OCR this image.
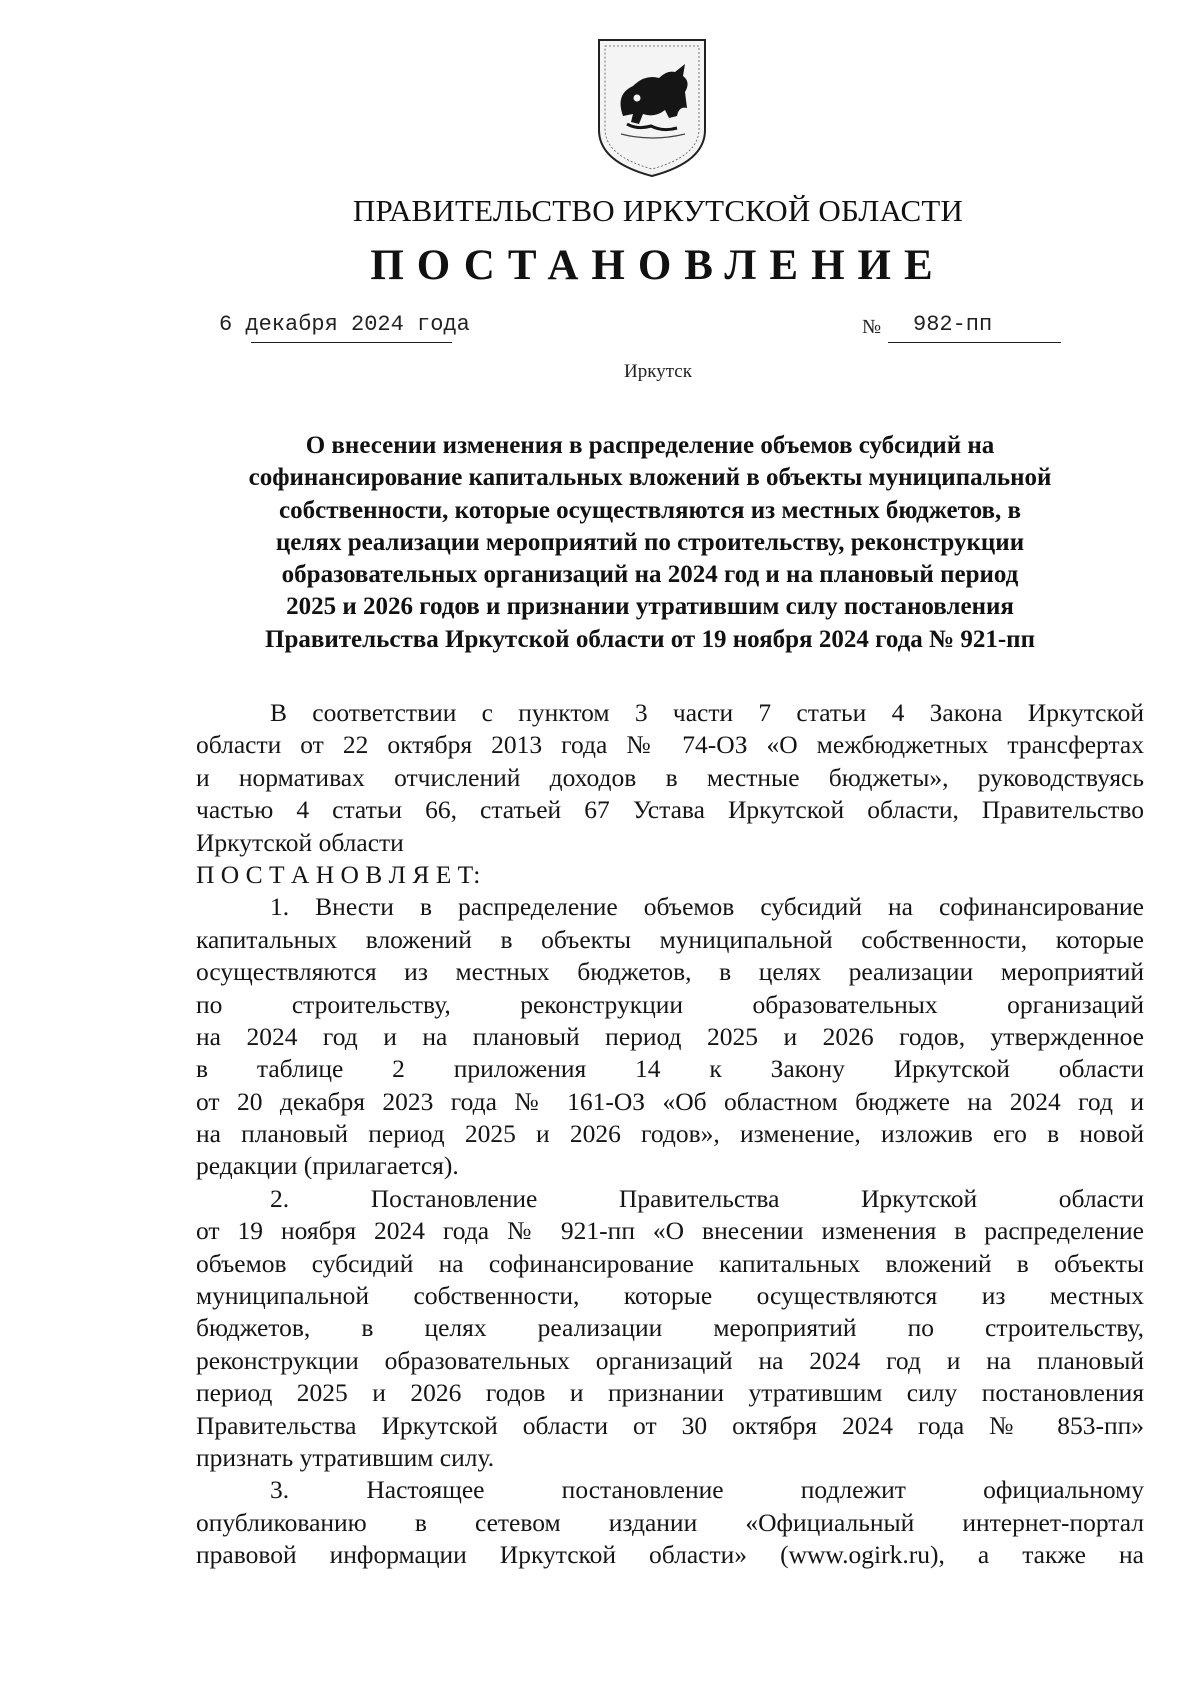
ПРАВИТЕЛЬСТВО ИРКУТСКОЙ ОБЛАСТИ
ПОСТАНОВЛЕНИЕ
6 декабря 2024 года	№ 982-пп
Иркутск
О внесении изменения в распределение объемов субсидий на
софинансирование капитальных вложений в объекты муниципальной
собственности, которые осуществляются из местных бюджетов, в
целях реализации мероприятий по строительству, реконструкции
образовательных организаций на 2024 год и на плановый период
2025 и 2026 годов и признании утратившим силу постановления
Правительства Иркутской области от 19 ноября 2024 года № 921-пп
В соответствии с пунктом 3 части 7 статьи 4 Закона Иркутской
области от 22 октября 2013 года № 74-ОЗ «О межбюджетных трансфертах
и нормативах отчислений доходов в местные бюджеты», руководствуясь
частью 4 статьи 66, статьей 67 Устава Иркутской области, Правительство
Иркутской области
П О С Т А Н О В Л Я Е Т:
1. Внести в распределение объемов субсидий на софинансирование
капитальных вложений в объекты муниципальной собственности, которые
осуществляются из местных бюджетов, в целях реализации мероприятий
по строительству, реконструкции образовательных организаций
на 2024 год и на плановый период 2025 и 2026 годов, утвержденное
в таблице 2 приложения 14 к Закону Иркутской области
от 20 декабря 2023 года № 161-ОЗ «Об областном бюджете на 2024 год и
на плановый период 2025 и 2026 годов», изменение, изложив его в новой
редакции (прилагается).
2. Постановление Правительства Иркутской области
от 19 ноября 2024 года № 921-пп «О внесении изменения в распределение
объемов субсидий на софинансирование капитальных вложений в объекты
муниципальной собственности, которые осуществляются из местных
бюджетов, в целях реализации мероприятий по строительству,
реконструкции образовательных организаций на 2024 год и на плановый
период 2025 и 2026 годов и признании утратившим силу постановления
Правительства Иркутской области от 30 октября 2024 года № 853-пп»
признать утратившим силу.
3. Настоящее постановление подлежит официальному
опубликованию в сетевом издании «Официальный интернет-портал
правовой информации Иркутской области» (www.ogirk.ru), а также на
